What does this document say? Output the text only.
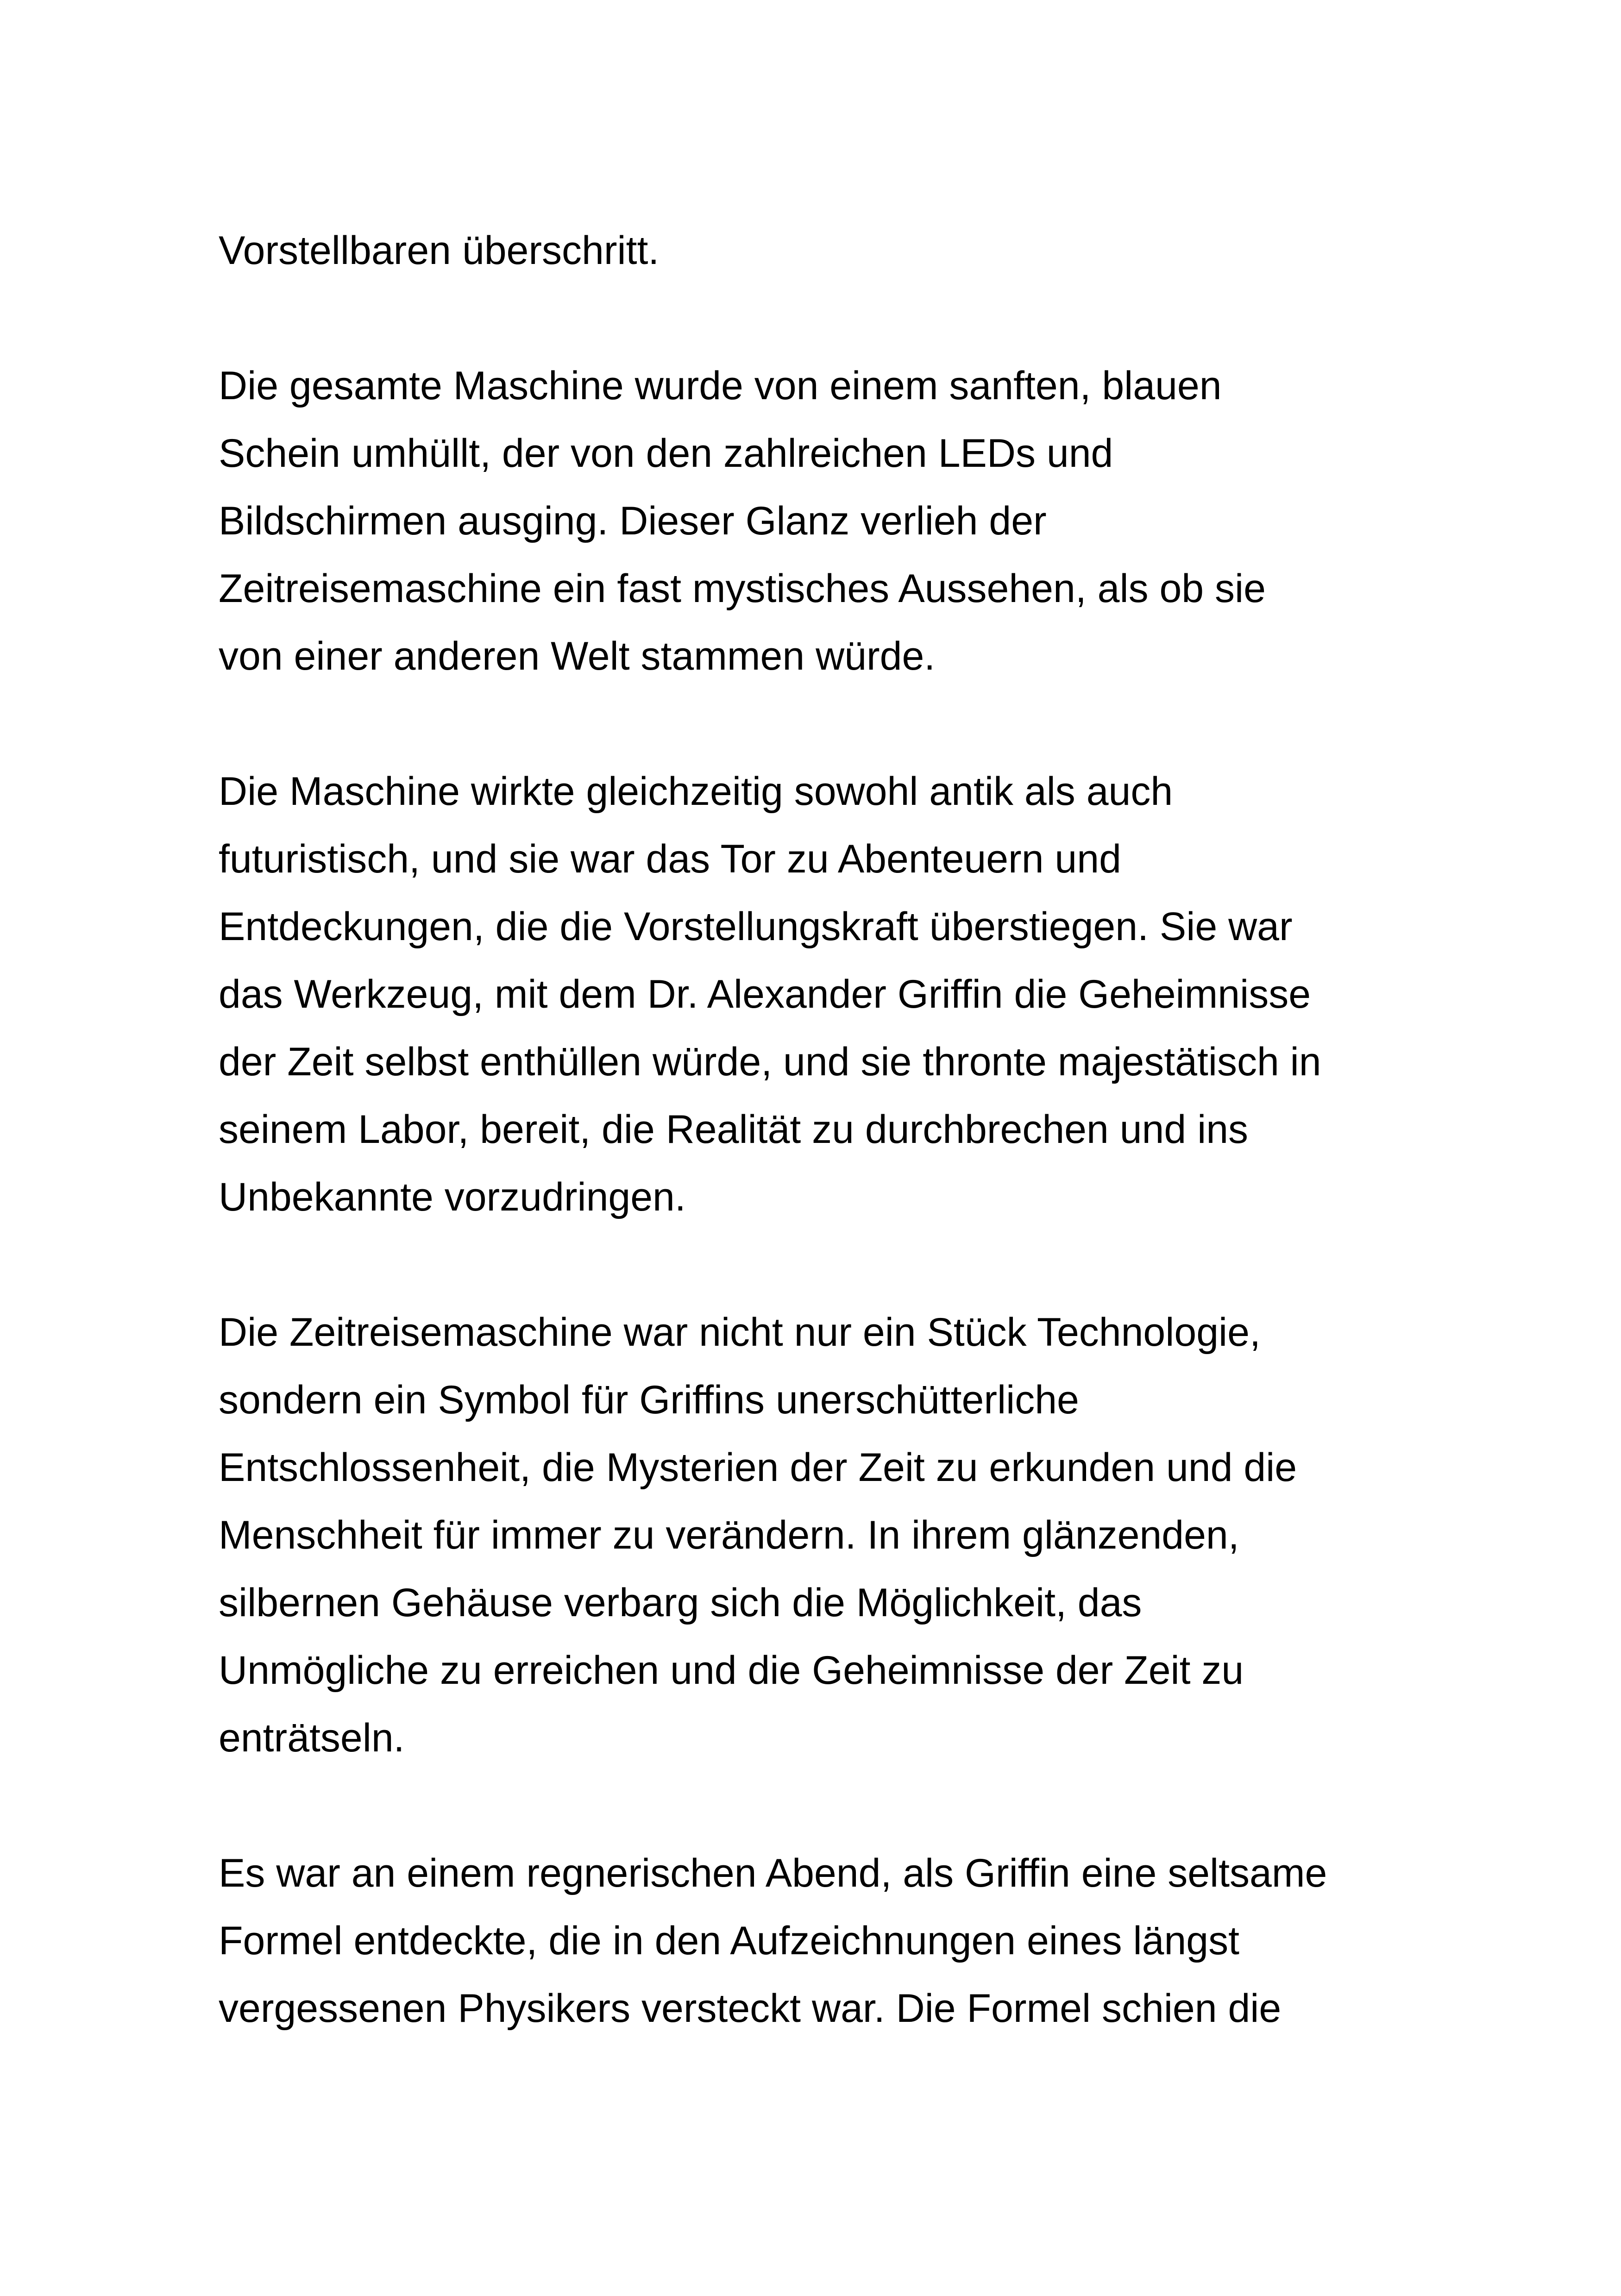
Vorstellbaren überschritt.
Die gesamte Maschine wurde von einem sanften, blauen
Schein umhüllt, der von den zahlreichen LEDs und
Bildschirmen ausging. Dieser Glanz verlieh der
Zeitreisemaschine ein fast mystisches Aussehen, als ob sie
von einer anderen Welt stammen würde.
Die Maschine wirkte gleichzeitig sowohl antik als auch
futuristisch, und sie war das Tor zu Abenteuern und
Entdeckungen, die die Vorstellungskraft überstiegen. Sie war
das Werkzeug, mit dem Dr. Alexander Griffin die Geheimnisse
der Zeit selbst enthüllen würde, und sie thronte majestätisch in
seinem Labor, bereit, die Realität zu durchbrechen und ins
Unbekannte vorzudringen.
Die Zeitreisemaschine war nicht nur ein Stück Technologie,
sondern ein Symbol für Griffins unerschütterliche
Entschlossenheit, die Mysterien der Zeit zu erkunden und die
Menschheit für immer zu verändern. In ihrem glänzenden,
silbernen Gehäuse verbarg sich die Möglichkeit, das
Unmögliche zu erreichen und die Geheimnisse der Zeit zu
enträtseln.
Es war an einem regnerischen Abend, als Griffin eine seltsame
Formel entdeckte, die in den Aufzeichnungen eines längst
vergessenen Physikers versteckt war. Die Formel schien die
